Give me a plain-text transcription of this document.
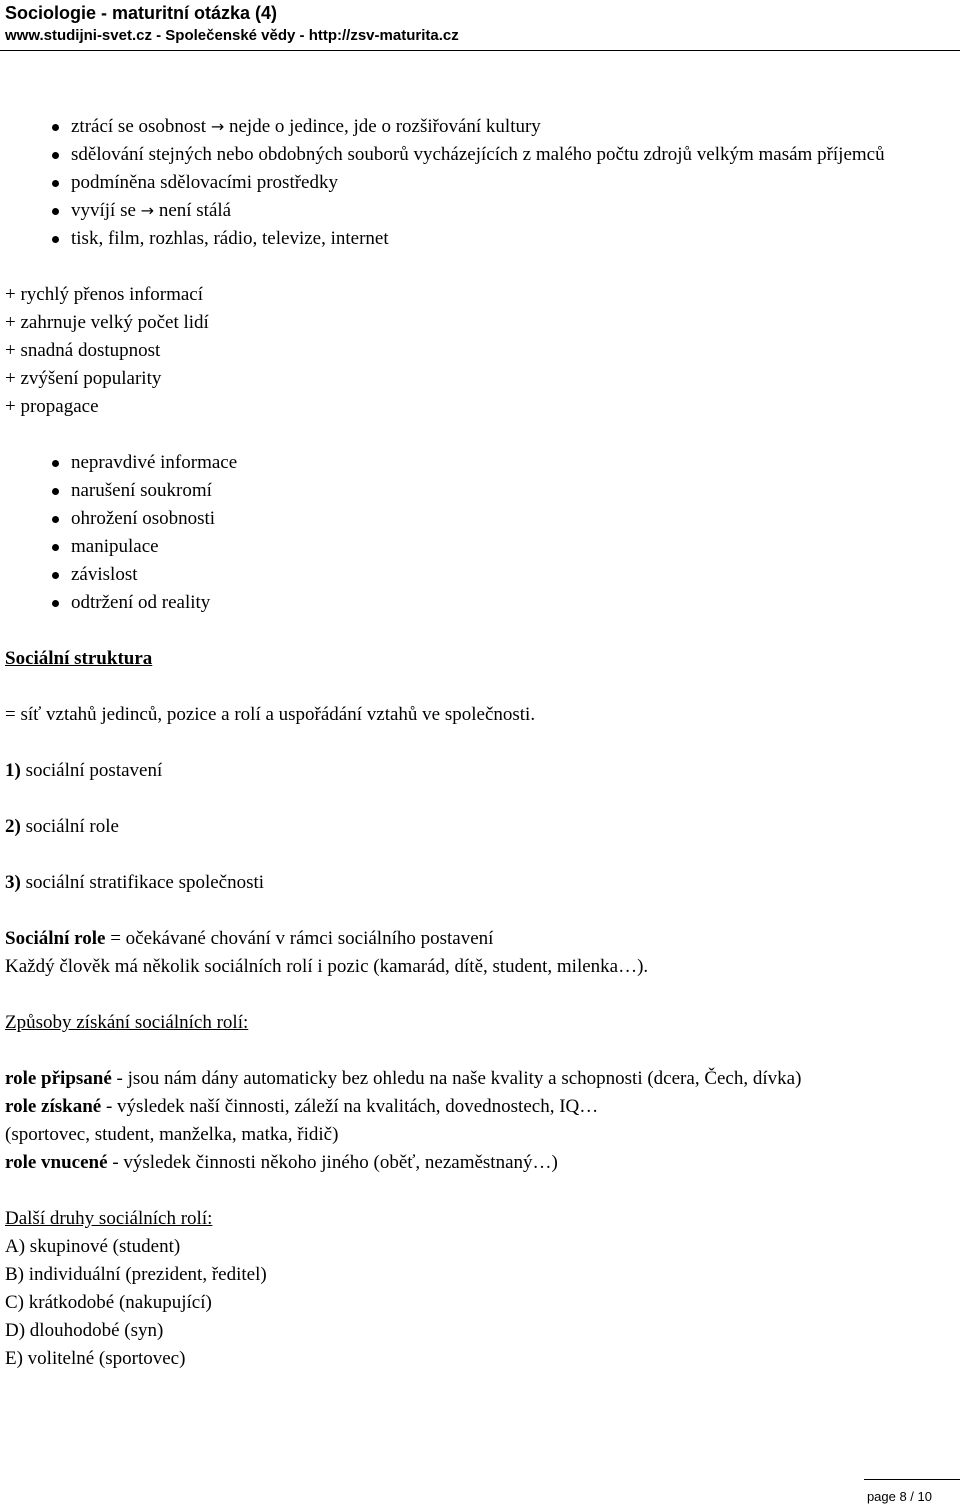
Sociologie - maturitní otázka (4)

www.studijni-svet.cz - Společenské vědy - http://zsv-maturita.cz

ztrácí se osobnost → nejde o jedince, jde o rozšiřování kultury
sdělování stejných nebo obdobných souborů vycházejících z malého počtu zdrojů velkým masám příjemců
podmíněna sdělovacími prostředky
vyvíjí se → není stálá
tisk, film, rozhlas, rádio, televize, internet

+ rychlý přenos informací

+ zahrnuje velký počet lidí

+ snadná dostupnost

+ zvýšení popularity

+ propagace

nepravdivé informace
narušení soukromí
ohrožení osobnosti
manipulace
závislost
odtržení od reality

Sociální struktura

= síť vztahů jedinců, pozice a rolí a uspořádání vztahů ve společnosti.

1) sociální postavení

2) sociální role

3) sociální stratifikace společnosti

Sociální role = očekávané chování v rámci sociálního postavení

Každý člověk má několik sociálních rolí i pozic (kamarád, dítě, student, milenka…).

Způsoby získání sociálních rolí:

role připsané - jsou nám dány automaticky bez ohledu na naše kvality a schopnosti (dcera, Čech, dívka)

role získané - výsledek naší činnosti, záleží na kvalitách, dovednostech, IQ…

(sportovec, student, manželka, matka, řidič)

role vnucené - výsledek činnosti někoho jiného (oběť, nezaměstnaný…)

Další druhy sociálních rolí:

A) skupinové (student)

B) individuální (prezident, ředitel)

C) krátkodobé (nakupující)

D) dlouhodobé (syn)

E) volitelné (sportovec)

page 8 / 10
